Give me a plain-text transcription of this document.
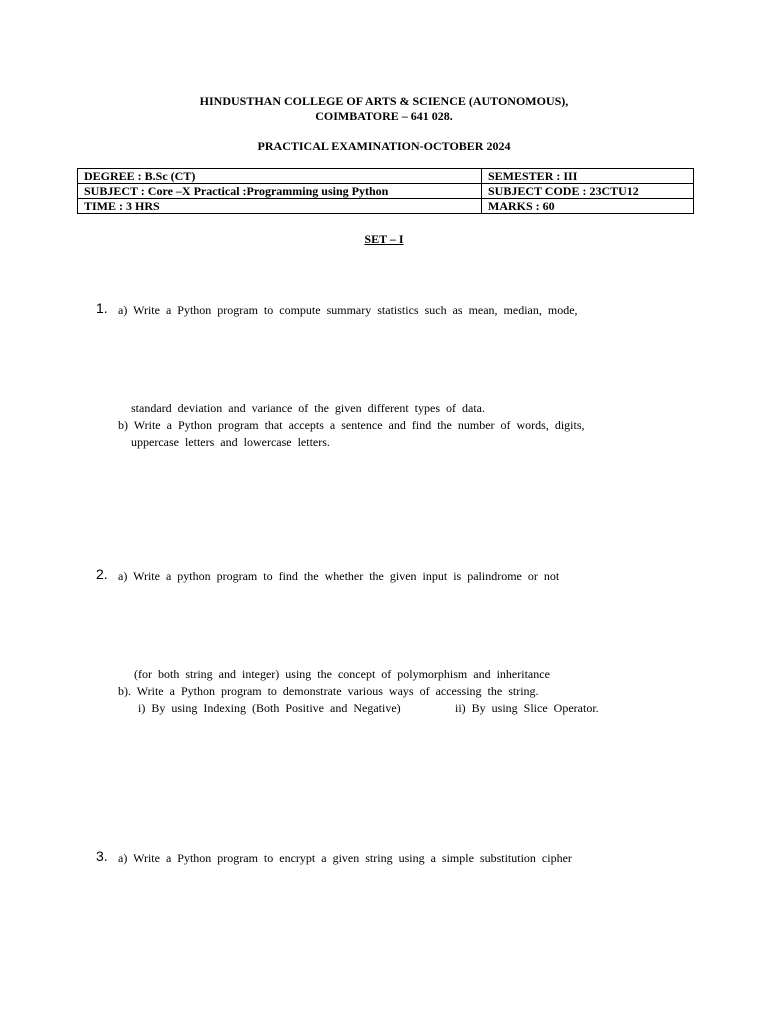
HINDUSTHAN COLLEGE OF ARTS & SCIENCE (AUTONOMOUS),
COIMBATORE – 641 028.
PRACTICAL EXAMINATION-OCTOBER 2024
DEGREE : B.Sc (CT)	SEMESTER : III
SUBJECT : Core –X Practical :Programming using Python	SUBJECT CODE : 23CTU12
TIME : 3 HRS	MARKS : 60
SET – I
1. a) Write a Python program to compute summary statistics such as mean, median, mode,
standard deviation and variance of the given different types of data.
b) Write a Python program that accepts a sentence and find the number of words, digits,
uppercase letters and lowercase letters.
2. a) Write a python program to find the whether the given input is palindrome or not
(for both string and integer) using the concept of polymorphism and inheritance
b). Write a Python program to demonstrate various ways of accessing the string.
i) By using Indexing (Both Positive and Negative)	ii) By using Slice Operator.
3. a) Write a Python program to encrypt a given string using a simple substitution cipher
